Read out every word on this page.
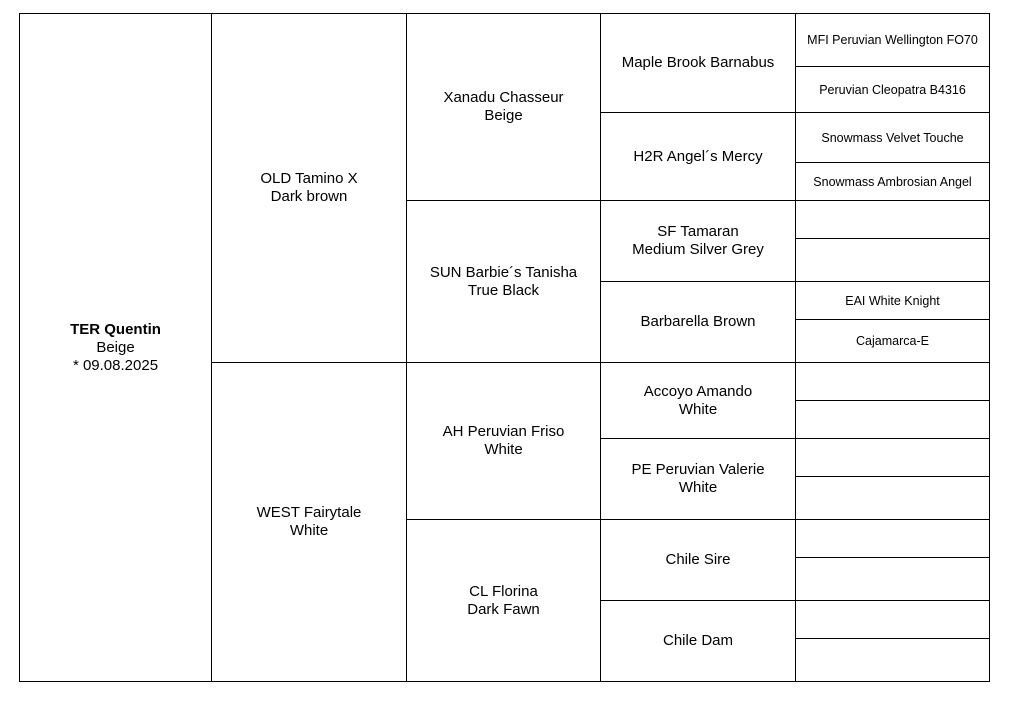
TER Quentin
Beige
* 09.08.2025
OLD Tamino X
Dark brown
WEST Fairytale
White
Xanadu Chasseur
Beige
SUN Barbie´s Tanisha
True Black
AH Peruvian Friso
White
CL Florina
Dark Fawn
Maple Brook Barnabus
H2R Angel´s Mercy
SF Tamaran
Medium Silver Grey
Barbarella Brown
Accoyo Amando
White
PE Peruvian Valerie
White
Chile Sire
Chile Dam
MFI Peruvian Wellington FO70
Peruvian Cleopatra B4316
Snowmass Velvet Touche
Snowmass Ambrosian Angel
EAI White Knight
Cajamarca-E
